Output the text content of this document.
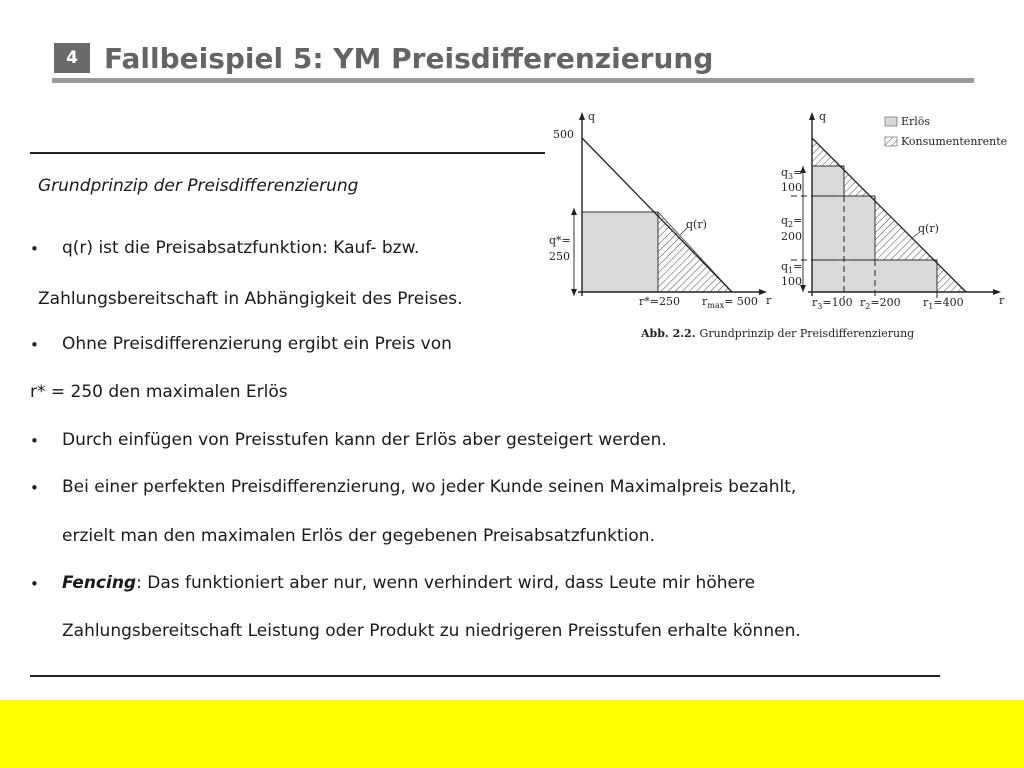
4 Fallbeispiel 5: YM Preisdifferenzierung
Grundprinzip der Preisdifferenzierung
• q(r) ist die Preisabsatzfunktion: Kauf- bzw.
Zahlungsbereitschaft in Abhängigkeit des Preises.
• Ohne Preisdifferenzierung ergibt ein Preis von
r* = 250 den maximalen Erlös
• Durch einfügen von Preisstufen kann der Erlös aber gesteigert werden.
• Bei einer perfekten Preisdifferenzierung, wo jeder Kunde seinen Maximalpreis bezahlt,
erzielt man den maximalen Erlös der gegebenen Preisabsatzfunktion.
• Fencing: Das funktioniert aber nur, wenn verhindert wird, dass Leute mir höhere
Zahlungsbereitschaft Leistung oder Produkt zu niedrigeren Preisstufen erhalte können.
q
r
500
q*=
250
r*=250 $r_{max}= 500$
q(r)
q
r
$q_3=$
100
$q_2=$
200
$q_1=$
100
$r_3=100$ $r_2=200$ $r_1=400$
q(r)
Erlös
Konsumentenrente
Abb. 2.2. Grundprinzip der Preisdifferenzierung
